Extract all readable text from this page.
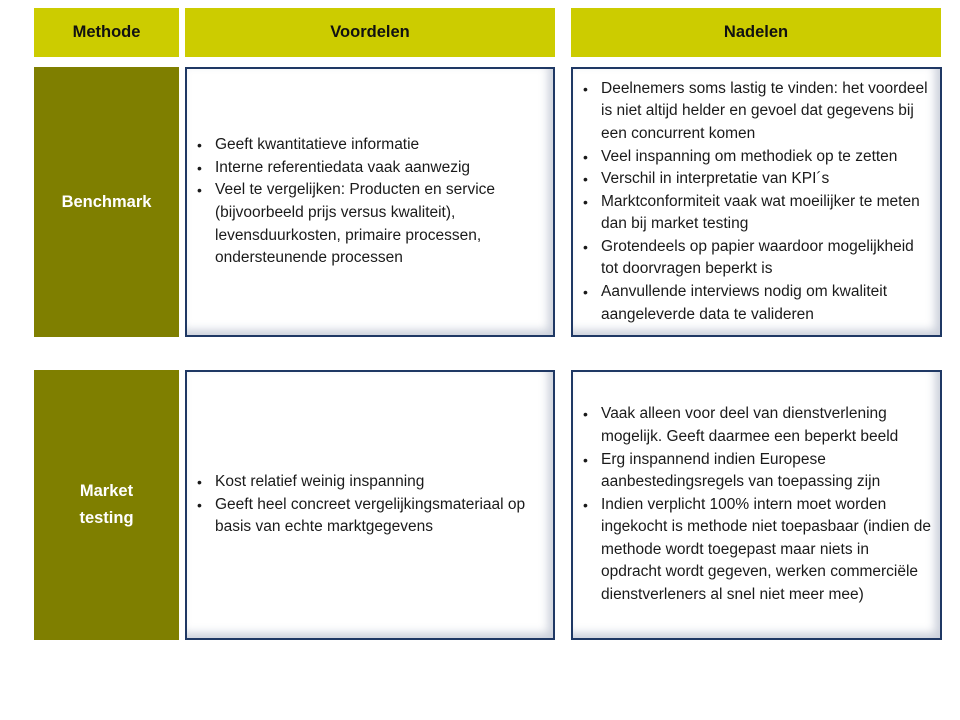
Methode	Voordelen	Nadelen
Benchmark
• Geeft kwantitatieve informatie
• Interne referentiedata vaak aanwezig
• Veel te vergelijken: Producten en service (bijvoorbeeld prijs versus kwaliteit), levensduurkosten, primaire processen, ondersteunende processen
• Deelnemers soms lastig te vinden: het voordeel is niet altijd helder en gevoel dat gegevens bij een concurrent komen
• Veel inspanning om methodiek op te zetten
• Verschil in interpretatie van KPI´s
• Marktconformiteit vaak wat moeilijker te meten dan bij market testing
• Grotendeels op papier waardoor mogelijkheid tot doorvragen beperkt is
• Aanvullende interviews nodig om kwaliteit aangeleverde data te valideren
Market
testing
• Kost relatief weinig inspanning
• Geeft heel concreet vergelijkingsmateriaal op basis van echte marktgegevens
• Vaak alleen voor deel van dienstverlening mogelijk. Geeft daarmee een beperkt beeld
• Erg inspannend indien Europese aanbestedingsregels van toepassing zijn
• Indien verplicht 100% intern moet worden ingekocht is methode niet toepasbaar (indien de methode wordt toegepast maar niets in opdracht wordt gegeven, werken commerciële dienstverleners al snel niet meer mee)
